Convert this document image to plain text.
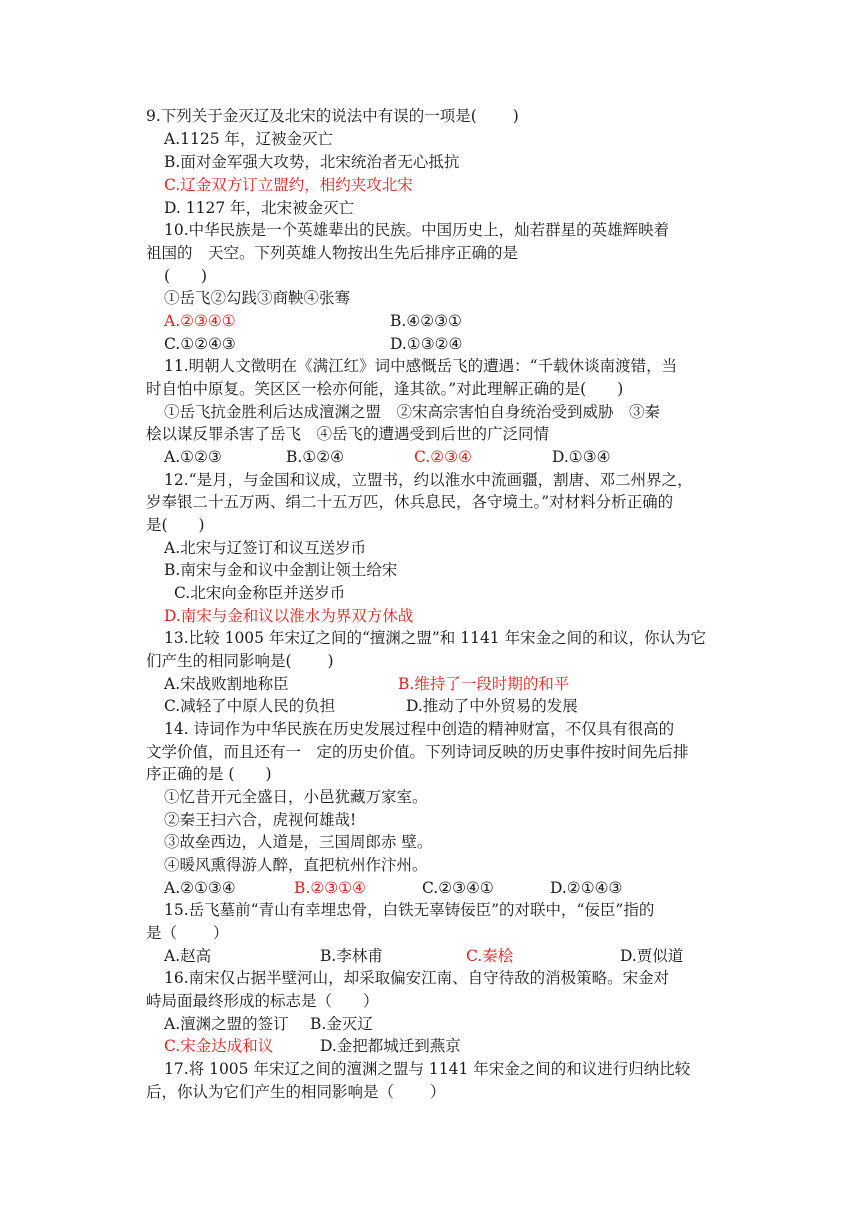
9.下列关于金灭辽及北宋的说法中有误的一项是(　　 )
A.1125 年，辽被金灭亡
B.面对金军强大攻势，北宋统治者无心抵抗
C.辽金双方订立盟约，相约夹攻北宋
D. 1127 年，北宋被金灭亡
10.中华民族是一个英雄辈出的民族。中国历史上，灿若群星的英雄辉映着
祖国的　天空。下列英雄人物按出生先后排序正确的是
(　　)
①岳飞②勾践③商鞅④张骞
A.②③④①	B.④②③①
C.①②④③	D.①③②④
11.明朝人文徵明在《满江红》词中感慨岳飞的遭遇：“千载休谈南渡错，当
时自怕中原复。笑区区一桧亦何能，逢其欲。”对此理解正确的是(　　)
①岳飞抗金胜利后达成澶渊之盟　②宋高宗害怕自身统治受到威胁　③秦
桧以谋反罪杀害了岳飞　④岳飞的遭遇受到后世的广泛同情
A.①②③	B.①②④	C.②③④	D.①③④
12.“是月，与金国和议成，立盟书，约以淮水中流画疆，割唐、邓二州界之，
岁奉银二十五万两、绢二十五万匹，休兵息民，各守境土。”对材料分析正确的
是(　　)
A.北宋与辽签订和议互送岁币
B.南宋与金和议中金割让领土给宋
C.北宋向金称臣并送岁币
D.南宋与金和议以淮水为界双方休战
13.比较 1005 年宋辽之间的“擅渊之盟”和 1141 年宋金之间的和议，你认为它
们产生的相同影响是(　　 )
A.宋战败割地称臣	B.维持了一段时期的和平
C.减轻了中原人民的负担	D.推动了中外贸易的发展
14. 诗词作为中华民族在历史发展过程中创造的精神财富，不仅具有很高的
文学价值，而且还有一　定的历史价值。下列诗词反映的历史事件按时间先后排
序正确的是 (　　)
①忆昔开元全盛日，小邑犹藏万家室。
②秦王扫六合，虎视何雄哉!
③故垒西边，人道是，三国周郎赤 壁。
④暖风熏得游人醉，直把杭州作汴州。
A.②①③④	B.②③①④	C.②③④①	D.②①④③
15.岳飞墓前“青山有幸埋忠骨，白铁无辜铸佞臣”的对联中，“佞臣”指的
是（　　 ）
A.赵高	B.李林甫	C.秦桧	D.贾似道
16.南宋仅占据半壁河山，却采取偏安江南、自守待敌的消极策略。宋金对
峙局面最终形成的标志是（　　）
A.澶渊之盟的签订 B.金灭辽
C.宋金达成和议	D.金把都城迁到燕京
17.将 1005 年宋辽之间的澶渊之盟与 1141 年宋金之间的和议进行归纳比较
后，你认为它们产生的相同影响是（　　 ）
